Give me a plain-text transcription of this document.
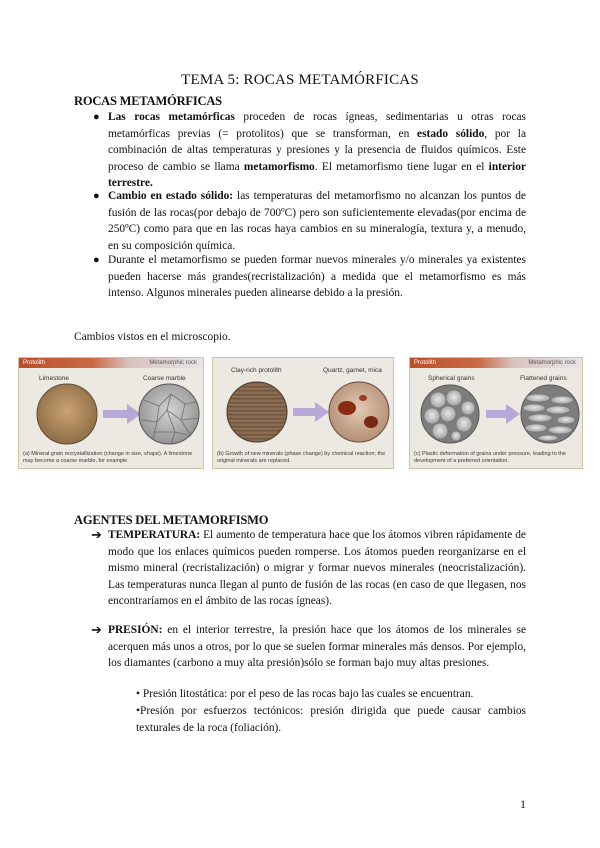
TEMA 5: ROCAS METAMÓRFICAS
ROCAS METAMÓRFICAS
● Las rocas metamórficas proceden de rocas ígneas, sedimentarias u otras rocas metamórficas previas (= protolitos) que se transforman, en estado sólido, por la combinación de altas temperaturas y presiones y la presencia de fluidos químicos. Este proceso de cambio se llama metamorfismo. El metamorfismo tiene lugar en el interior terrestre.
● Cambio en estado sólido: las temperaturas del metamorfismo no alcanzan los puntos de fusión de las rocas(por debajo de 700ºC) pero son suficientemente elevadas(por encima de 250ºC) como para que en las rocas haya cambios en su mineralogía, textura y, a menudo, en su composición química.
● Durante el metamorfismo se pueden formar nuevos minerales y/o minerales ya existentes pueden hacerse más grandes(recristalización) a medida que el metamorfismo es más intenso. Algunos minerales pueden alinearse debido a la presión.
Cambios vistos en el microscopio.
Protolith	Metamorphic rock
Limestone	Coarse marble
(a) Mineral grain recrystallization (change in size, shape). A limestone may become a coarse marble, for example.
Clay-rich protolith	Quartz, garnet, mica
(b) Growth of new minerals (phase change) by chemical reaction; the original minerals are replaced.
Protolith	Metamorphic rock
Spherical grains	Flattened grains
(c) Plastic deformation of grains under pressure, leading to the development of a preferred orientation.
AGENTES DEL METAMORFISMO
➔ TEMPERATURA: El aumento de temperatura hace que los átomos vibren rápidamente de modo que los enlaces químicos pueden romperse. Los átomos pueden reorganizarse en el mismo mineral (recristalización) o migrar y formar nuevos minerales (neocristalización). Las temperaturas nunca llegan al punto de fusión de las rocas (en caso de que llegasen, nos encontraríamos en el ámbito de las rocas ígneas).
➔ PRESIÓN: en el interior terrestre, la presión hace que los átomos de los minerales se acerquen más unos a otros, por lo que se suelen formar minerales más densos. Por ejemplo, los diamantes (carbono a muy alta presión)sólo se forman bajo muy altas presiones.
• Presión litostática: por el peso de las rocas bajo las cuales se encuentran.
•Presión por esfuerzos tectónicos: presión dirigida que puede causar cambios texturales de la roca (foliación).
1
